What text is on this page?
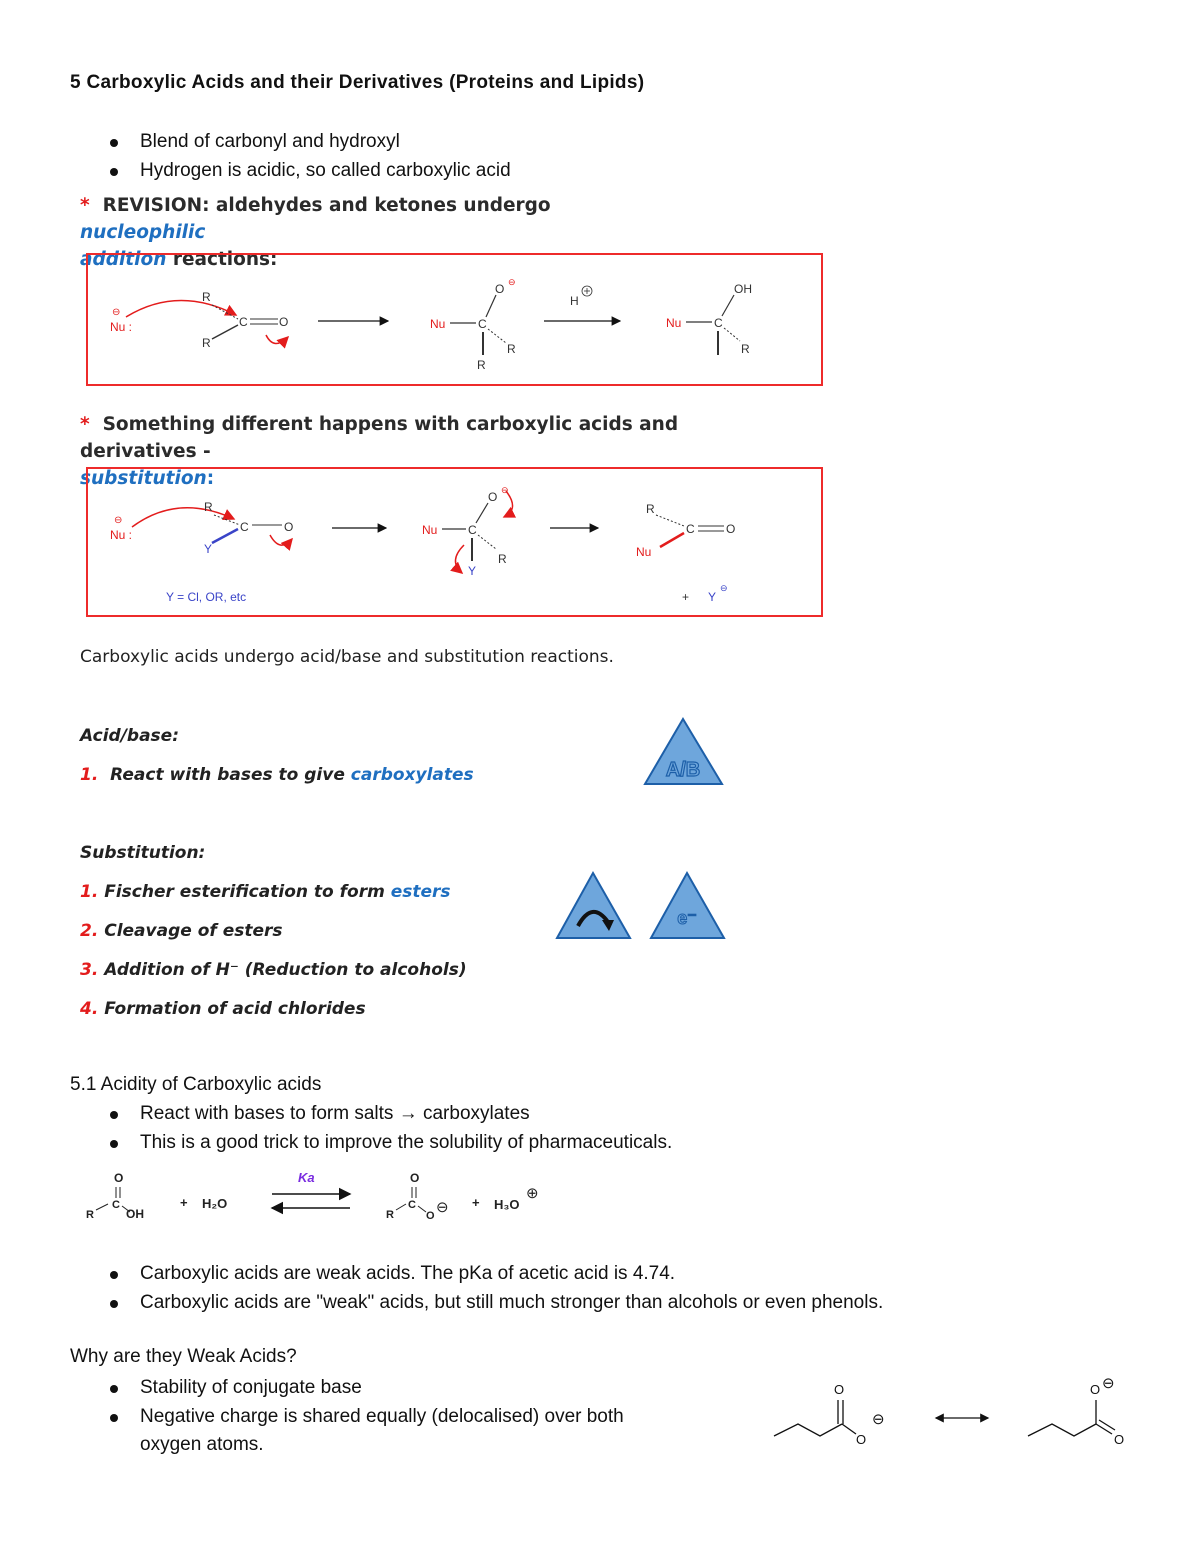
5 Carboxylic Acids and their Derivatives (Proteins and Lipids)
Blend of carbonyl and hydroxyl
Hydrogen is acidic, so called carboxylic acid
* REVISION: aldehydes and ketones undergo nucleophilic
addition reactions:
⊖
Nu :
R
R
C	O	Nu	C
O ⊖
R
R
H
Nu	C
OH
R
* Something different happens with carboxylic acids and derivatives -
substitution:
⊖
Nu :
R
Y
C	O
Y = Cl, OR, etc
Nu	C
O ⊖
Y
R
R
C	O
Nu
+ Y
⊖
Carboxylic acids undergo acid/base and substitution reactions.
Acid/base:
1. React with bases to give carboxylates	A/B
Substitution:
1. Fischer esterification to form esters
2. Cleavage of esters
3. Addition of H⁻ (Reduction to alcohols)
4. Formation of acid chlorides
e⁻
5.1 Acidity of Carboxylic acids
React with bases to form salts → carboxylates
This is a good trick to improve the solubility of pharmaceuticals.
O
R
C
OH
+ H₂O
Ka	O
R
C
O ⊖ + H₃O
⊕
Carboxylic acids are weak acids. The pKa of acetic acid is 4.74.
Carboxylic acids are "weak" acids, but still much stronger than alcohols or even phenols.
Why are they Weak Acids?
Stability of conjugate base
Negative charge is shared equally (delocalised) over both oxygen atoms.
O
O
⊖
O ⊖
O
